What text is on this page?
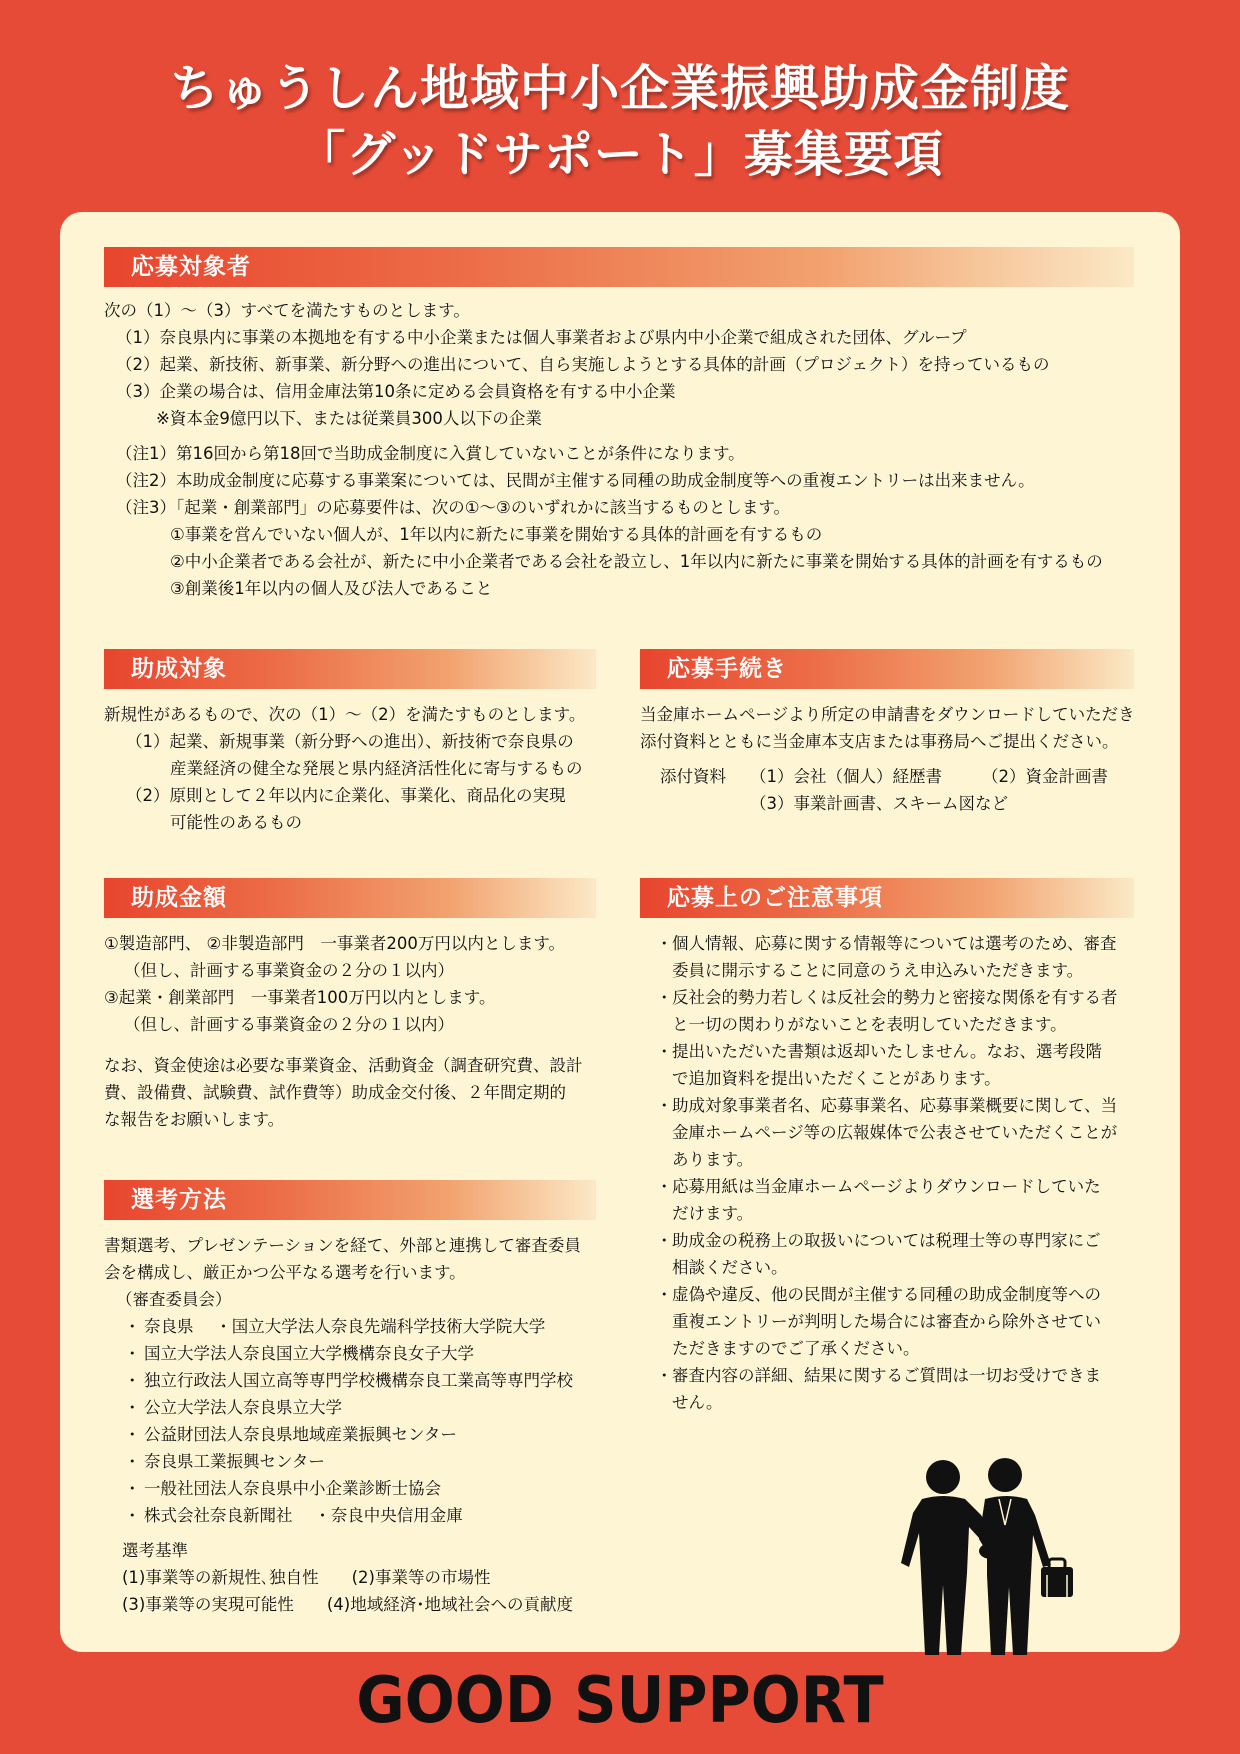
ちゅうしん地域中小企業振興助成金制度
「グッドサポート」募集要項
応募対象者
次の（1）～（3）すべてを満たすものとします。
（1）奈良県内に事業の本拠地を有する中小企業または個人事業者および県内中小企業で組成された団体、グループ
（2）起業、新技術、新事業、新分野への進出について、自ら実施しようとする具体的計画（プロジェクト）を持っているもの
（3）企業の場合は、信用金庫法第10条に定める会員資格を有する中小企業
※資本金9億円以下、または従業員300人以下の企業
（注1）第16回から第18回で当助成金制度に入賞していないことが条件になります。
（注2）本助成金制度に応募する事業案については、民間が主催する同種の助成金制度等への重複エントリーは出来ません。
（注3）「起業・創業部門」の応募要件は、次の①～③のいずれかに該当するものとします。
①事業を営んでいない個人が、1年以内に新たに事業を開始する具体的計画を有するもの
②中小企業者である会社が、新たに中小企業者である会社を設立し、1年以内に新たに事業を開始する具体的計画を有するもの
③創業後1年以内の個人及び法人であること
助成対象
新規性があるもので、次の（1）～（2）を満たすものとします。
（1）起業、新規事業（新分野への進出）、新技術で奈良県の
産業経済の健全な発展と県内経済活性化に寄与するもの
（2）原則として２年以内に企業化、事業化、商品化の実現
可能性のあるもの
応募手続き
当金庫ホームページより所定の申請書をダウンロードしていただき
添付資料とともに当金庫本支店または事務局へご提出ください。
添付資料	（1）会社（個人）経歴書	（2）資金計画書
（3）事業計画書、スキーム図など
助成金額
①製造部門、 ②非製造部門　一事業者200万円以内とします。
（但し、計画する事業資金の２分の１以内）
③起業・創業部門　一事業者100万円以内とします。
（但し、計画する事業資金の２分の１以内）
なお、資金使途は必要な事業資金、活動資金（調査研究費、設計
費、設備費、試験費、試作費等）助成金交付後、２年間定期的
な報告をお願いします。
応募上のご注意事項
・ 個人情報、応募に関する情報等については選考のため、審査
委員に開示することに同意のうえ申込みいただきます。
・ 反社会的勢力若しくは反社会的勢力と密接な関係を有する者
と一切の関わりがないことを表明していただきます。
・ 提出いただいた書類は返却いたしません。なお、選考段階
で追加資料を提出いただくことがあります。
・ 助成対象事業者名、応募事業名、応募事業概要に関して、当
金庫ホームページ等の広報媒体で公表させていただくことが
あります。
・ 応募用紙は当金庫ホームページよりダウンロードしていた
だけます。
・ 助成金の税務上の取扱いについては税理士等の専門家にご
相談ください。
・ 虚偽や違反、他の民間が主催する同種の助成金制度等への
重複エントリーが判明した場合には審査から除外させてい
ただきますのでご了承ください。
・ 審査内容の詳細、結果に関するご質問は一切お受けできま
せん。
選考方法
書類選考、プレゼンテーションを経て、外部と連携して審査委員
会を構成し、厳正かつ公平なる選考を行います。
（審査委員会）
・ 奈良県　 ・国立大学法人奈良先端科学技術大学院大学
・ 国立大学法人奈良国立大学機構奈良女子大学
・ 独立行政法人国立高等専門学校機構奈良工業高等専門学校
・ 公立大学法人奈良県立大学
・ 公益財団法人奈良県地域産業振興センター
・ 奈良県工業振興センター
・ 一般社団法人奈良県中小企業診断士協会
・ 株式会社奈良新聞社　 ・奈良中央信用金庫
選考基準
(1)事業等の新規性､独自性　　(2)事業等の市場性
(3)事業等の実現可能性　　(4)地域経済･地域社会への貢献度
GOOD SUPPORT
